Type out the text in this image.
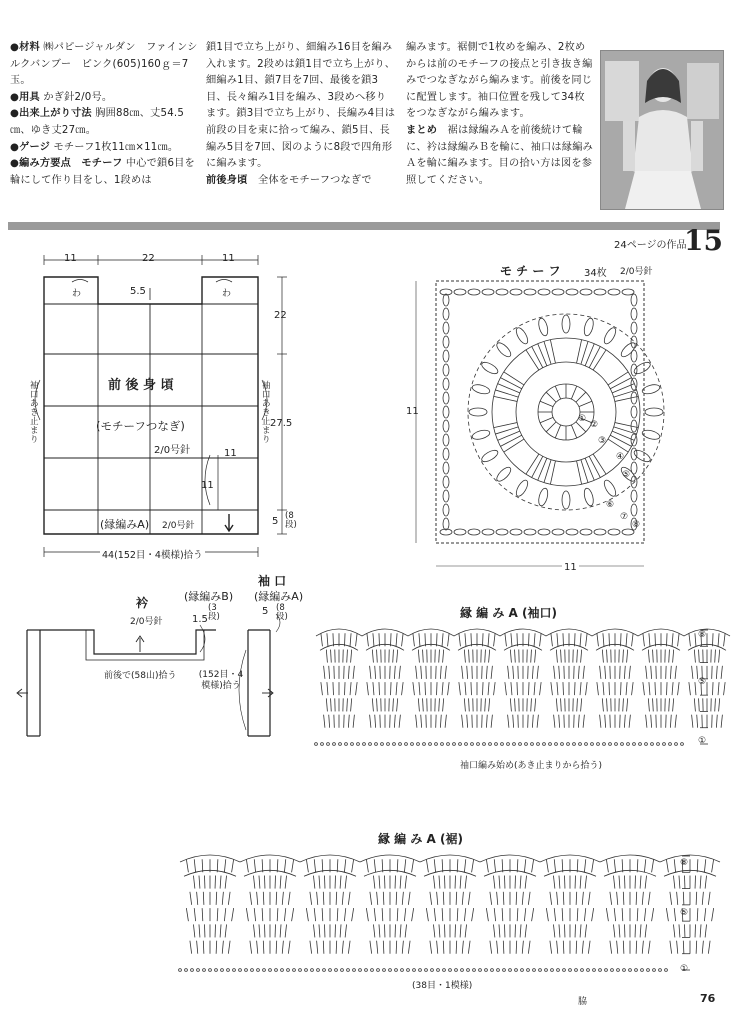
●材料 ㈱パピージャルダン　ファインシルクバンブー　ピンク(605)160ｇ＝7玉。

●用具 かぎ針2/0号。

●出来上がり寸法 胸囲88㎝、丈54.5㎝、ゆき丈27㎝。

●ゲージ モチーフ1枚11㎝×11㎝。

●編み方要点　モチーフ 中心で鎖6目を輪にして作り目をし、1段めは

鎖1目で立ち上がり、細編み16目を編み入れます。2段めは鎖1目で立ち上がり、細編み1目、鎖7目を7回、最後を鎖3目、長々編み1目を編み、3段めへ移ります。鎖3目で立ち上がり、長編み4目は前段の目を束に拾って編み、鎖5目、長編み5目を7回、図のように8段で四角形に編みます。

前後身頃　全体をモチーフつなぎで

編みます。裾側で1枚めを編み、2枚めからは前のモチーフの接点と引き抜き編みでつなぎながら編みます。前後を同じに配置します。袖口位置を残して34枚をつなぎながら編みます。

まとめ　裾は縁編みＡを前後続けて輪に、衿は縁編みＢを輪に、袖口は縁編みＡを輪に編みます。目の拾い方は図を参照してください。

24ページの作品
15
11	22	11
わ	わ
5.5
前 後 身 頃
(モチーフつなぎ)
2/0号針
22
27.5
11
11
袖口あき止まり
袖口あき止まり
(縁編みA) 2/0号針	5 (8段)
44(152目・4模様)拾う
モ チ ー フ 34枚 2/0号針
11
11
①
②
③
④
⑤
⑥
⑦
⑧
衿	(縁編みB)
2/0号針	1.5
(3段)
前後で(58山)拾う
袖 口
(縁編みA)
5 (8段)
(152目・4模様)拾う
縁 編 み A (袖口)
袖口編み始め(あき止まりから拾う)
⑧
⑤
①
縁 編 み A (裾)
(38目・1模様)
脇
⑧
⑤
①
76
